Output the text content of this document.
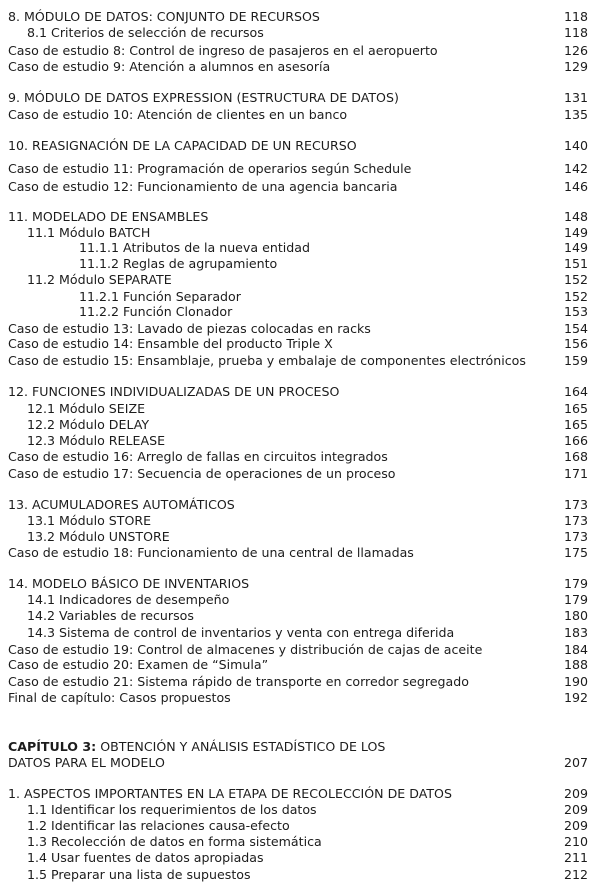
8. MÓDULO DE DATOS: CONJUNTO DE RECURSOS	118
8.1 Criterios de selección de recursos	118
Caso de estudio 8: Control de ingreso de pasajeros en el aeropuerto	126
Caso de estudio 9: Atención a alumnos en asesoría	129
9. MÓDULO DE DATOS EXPRESSION (ESTRUCTURA DE DATOS)	131
Caso de estudio 10: Atención de clientes en un banco	135
10. REASIGNACIÓN DE LA CAPACIDAD DE UN RECURSO	140
Caso de estudio 11: Programación de operarios según Schedule	142
Caso de estudio 12: Funcionamiento de una agencia bancaria	146
11. MODELADO DE ENSAMBLES	148
11.1 Módulo BATCH	149
11.1.1 Atributos de la nueva entidad	149
11.1.2 Reglas de agrupamiento	151
11.2 Módulo SEPARATE	152
11.2.1 Función Separador	152
11.2.2 Función Clonador	153
Caso de estudio 13: Lavado de piezas colocadas en racks	154
Caso de estudio 14: Ensamble del producto Triple X	156
Caso de estudio 15: Ensamblaje, prueba y embalaje de componentes electrónicos	159
12. FUNCIONES INDIVIDUALIZADAS DE UN PROCESO	164
12.1 Módulo SEIZE	165
12.2 Módulo DELAY	165
12.3 Módulo RELEASE	166
Caso de estudio 16: Arreglo de fallas en circuitos integrados	168
Caso de estudio 17: Secuencia de operaciones de un proceso	171
13. ACUMULADORES AUTOMÁTICOS	173
13.1 Módulo STORE	173
13.2 Módulo UNSTORE	173
Caso de estudio 18: Funcionamiento de una central de llamadas	175
14. MODELO BÁSICO DE INVENTARIOS	179
14.1 Indicadores de desempeño	179
14.2 Variables de recursos	180
14.3 Sistema de control de inventarios y venta con entrega diferida	183
Caso de estudio 19: Control de almacenes y distribución de cajas de aceite	184
Caso de estudio 20: Examen de “Simula”	188
Caso de estudio 21: Sistema rápido de transporte en corredor segregado	190
Final de capítulo: Casos propuestos	192
CAPÍTULO 3: OBTENCIÓN Y ANÁLISIS ESTADÍSTICO DE LOS
DATOS PARA EL MODELO	207
1. ASPECTOS IMPORTANTES EN LA ETAPA DE RECOLECCIÓN DE DATOS	209
1.1 Identificar los requerimientos de los datos	209
1.2 Identificar las relaciones causa-efecto	209
1.3 Recolección de datos en forma sistemática	210
1.4 Usar fuentes de datos apropiadas	211
1.5 Preparar una lista de supuestos	212
